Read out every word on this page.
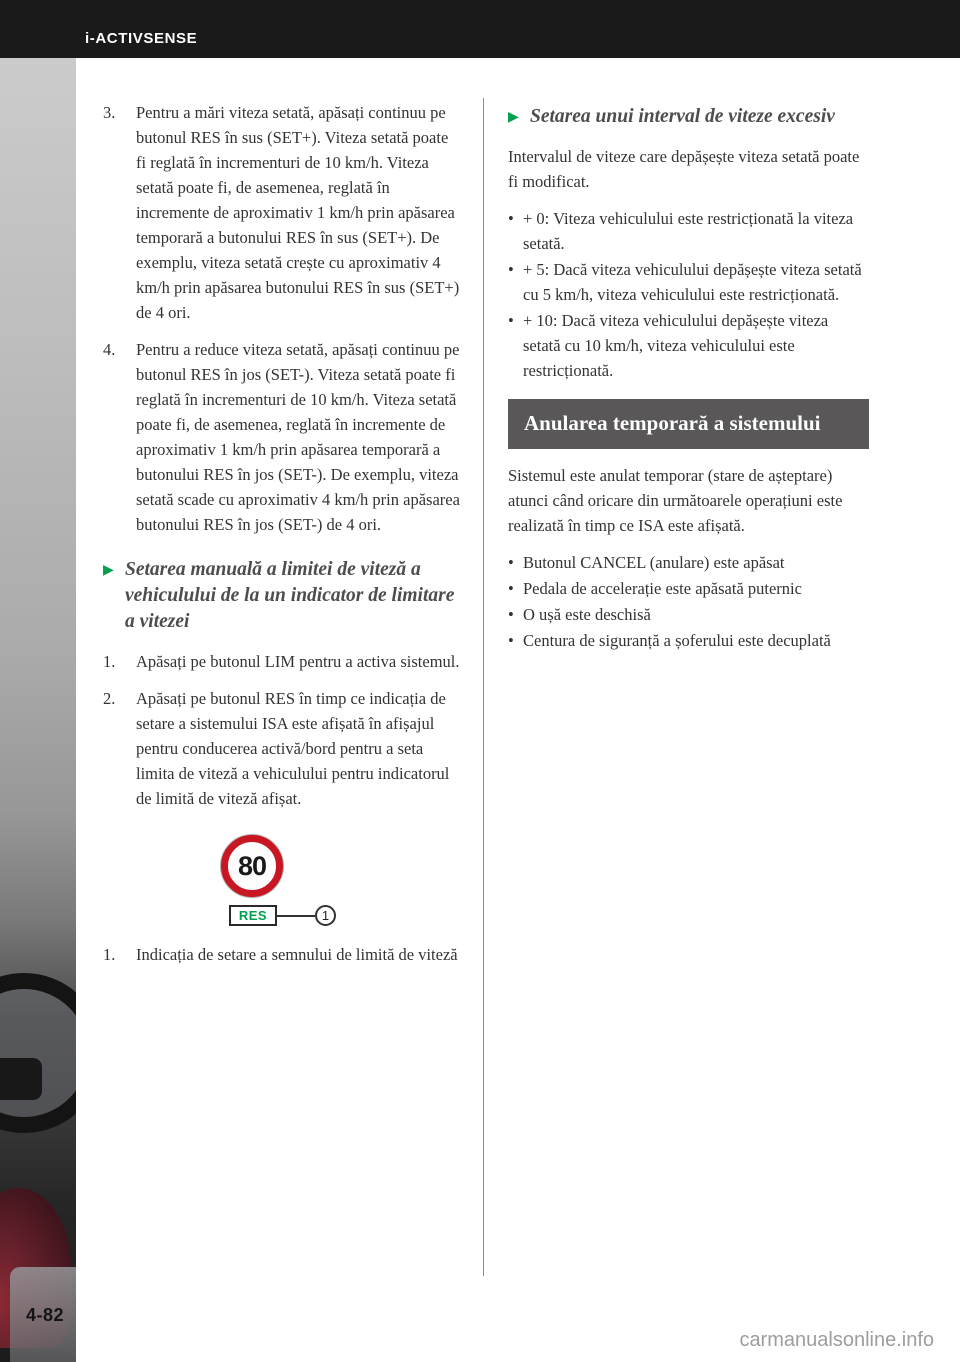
i-ACTIVSENSE
3.	Pentru a mări viteza setată, apăsați continuu pe butonul RES în sus (SET+). Viteza setată poate fi reglată în incrementuri de 10 km/h. Viteza setată poate fi, de asemenea, reglată în incremente de aproximativ 1 km/h prin apăsarea temporară a butonului RES în sus (SET+). De exemplu, viteza setată crește cu aproximativ 4 km/h prin apăsarea butonului RES în sus (SET+) de 4 ori.
4.	Pentru a reduce viteza setată, apăsați continuu pe butonul RES în jos (SET-). Viteza setată poate fi reglată în incrementuri de 10 km/h. Viteza setată poate fi, de asemenea, reglată în incremente de aproximativ 1 km/h prin apăsarea temporară a butonului RES în jos (SET-). De exemplu, viteza setată scade cu aproximativ 4 km/h prin apăsarea butonului RES în jos (SET-) de 4 ori.
▶ Setarea manuală a limitei de viteză a vehiculului de la un indicator de limitare a vitezei
1.	Apăsați pe butonul LIM pentru a activa sistemul.
2.	Apăsați pe butonul RES în timp ce indicația de setare a sistemului ISA este afișată în afișajul pentru conducerea activă/bord pentru a seta limita de viteză a vehiculului pentru indicatorul de limită de viteză afișat.
80
RES	1
1.	Indicația de setare a semnului de limită de viteză
▶ Setarea unui interval de viteze excesiv
Intervalul de viteze care depășește viteza setată poate fi modificat.
• + 0: Viteza vehiculului este restricționată la viteza setată.
• + 5: Dacă viteza vehiculului depășește viteza setată cu 5 km/h, viteza vehiculului este restricționată.
• + 10: Dacă viteza vehiculului depășește viteza setată cu 10 km/h, viteza vehiculului este restricționată.
Anularea temporară a sistemului
Sistemul este anulat temporar (stare de așteptare) atunci când oricare din următoarele operațiuni este realizată în timp ce ISA este afișată.
• Butonul CANCEL (anulare) este apăsat
• Pedala de accelerație este apăsată puternic
• O ușă este deschisă
• Centura de siguranță a șoferului este decuplată
4-82
carmanualsonline.info
